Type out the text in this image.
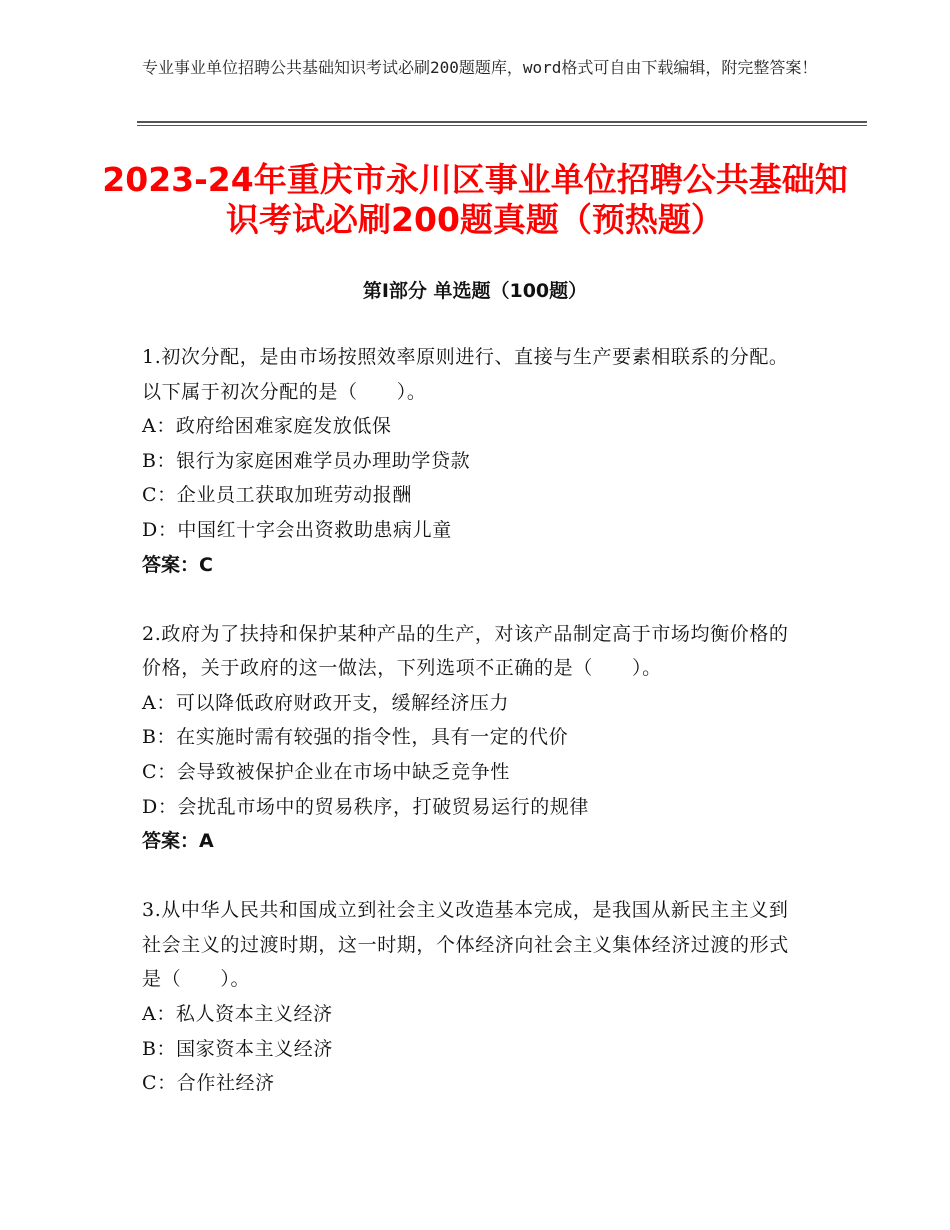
专业事业单位招聘公共基础知识考试必刷200题题库，word格式可自由下载编辑，附完整答案！
2023-24年重庆市永川区事业单位招聘公共基础知识考试必刷200题真题（预热题）
第Ⅰ部分 单选题（100题）
1.初次分配，是由市场按照效率原则进行、直接与生产要素相联系的分配。以下属于初次分配的是（　　）。
A：政府给困难家庭发放低保
B：银行为家庭困难学员办理助学贷款
C：企业员工获取加班劳动报酬
D：中国红十字会出资救助患病儿童
答案：C
2.政府为了扶持和保护某种产品的生产，对该产品制定高于市场均衡价格的价格，关于政府的这一做法，下列选项不正确的是（　　）。
A：可以降低政府财政开支，缓解经济压力
B：在实施时需有较强的指令性，具有一定的代价
C：会导致被保护企业在市场中缺乏竞争性
D：会扰乱市场中的贸易秩序，打破贸易运行的规律
答案：A
3.从中华人民共和国成立到社会主义改造基本完成，是我国从新民主主义到社会主义的过渡时期，这一时期，个体经济向社会主义集体经济过渡的形式是（　　）。
A：私人资本主义经济
B：国家资本主义经济
C：合作社经济
